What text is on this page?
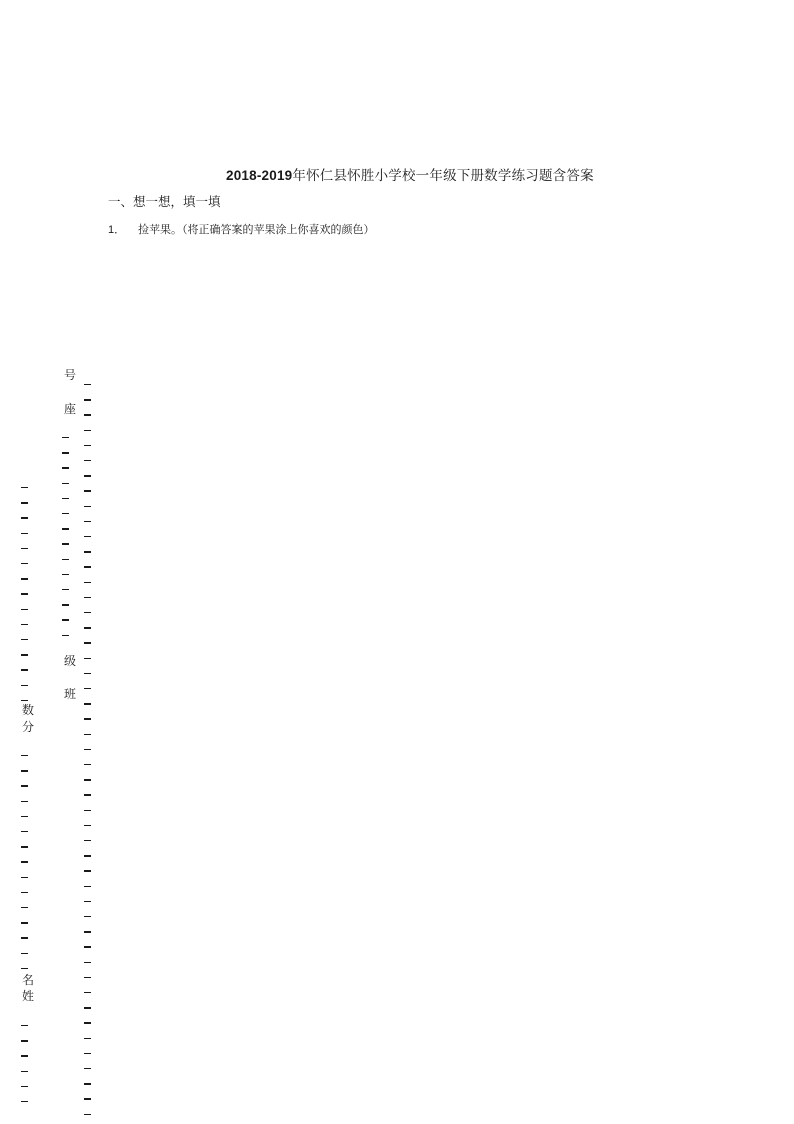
2018-2019年怀仁县怀胜小学校一年级下册数学练习题含答案
一、想一想，填一填
1． 捡苹果。（将正确答案的苹果涂上你喜欢的颜色）
号
座
级
班
数
分
名
姓
